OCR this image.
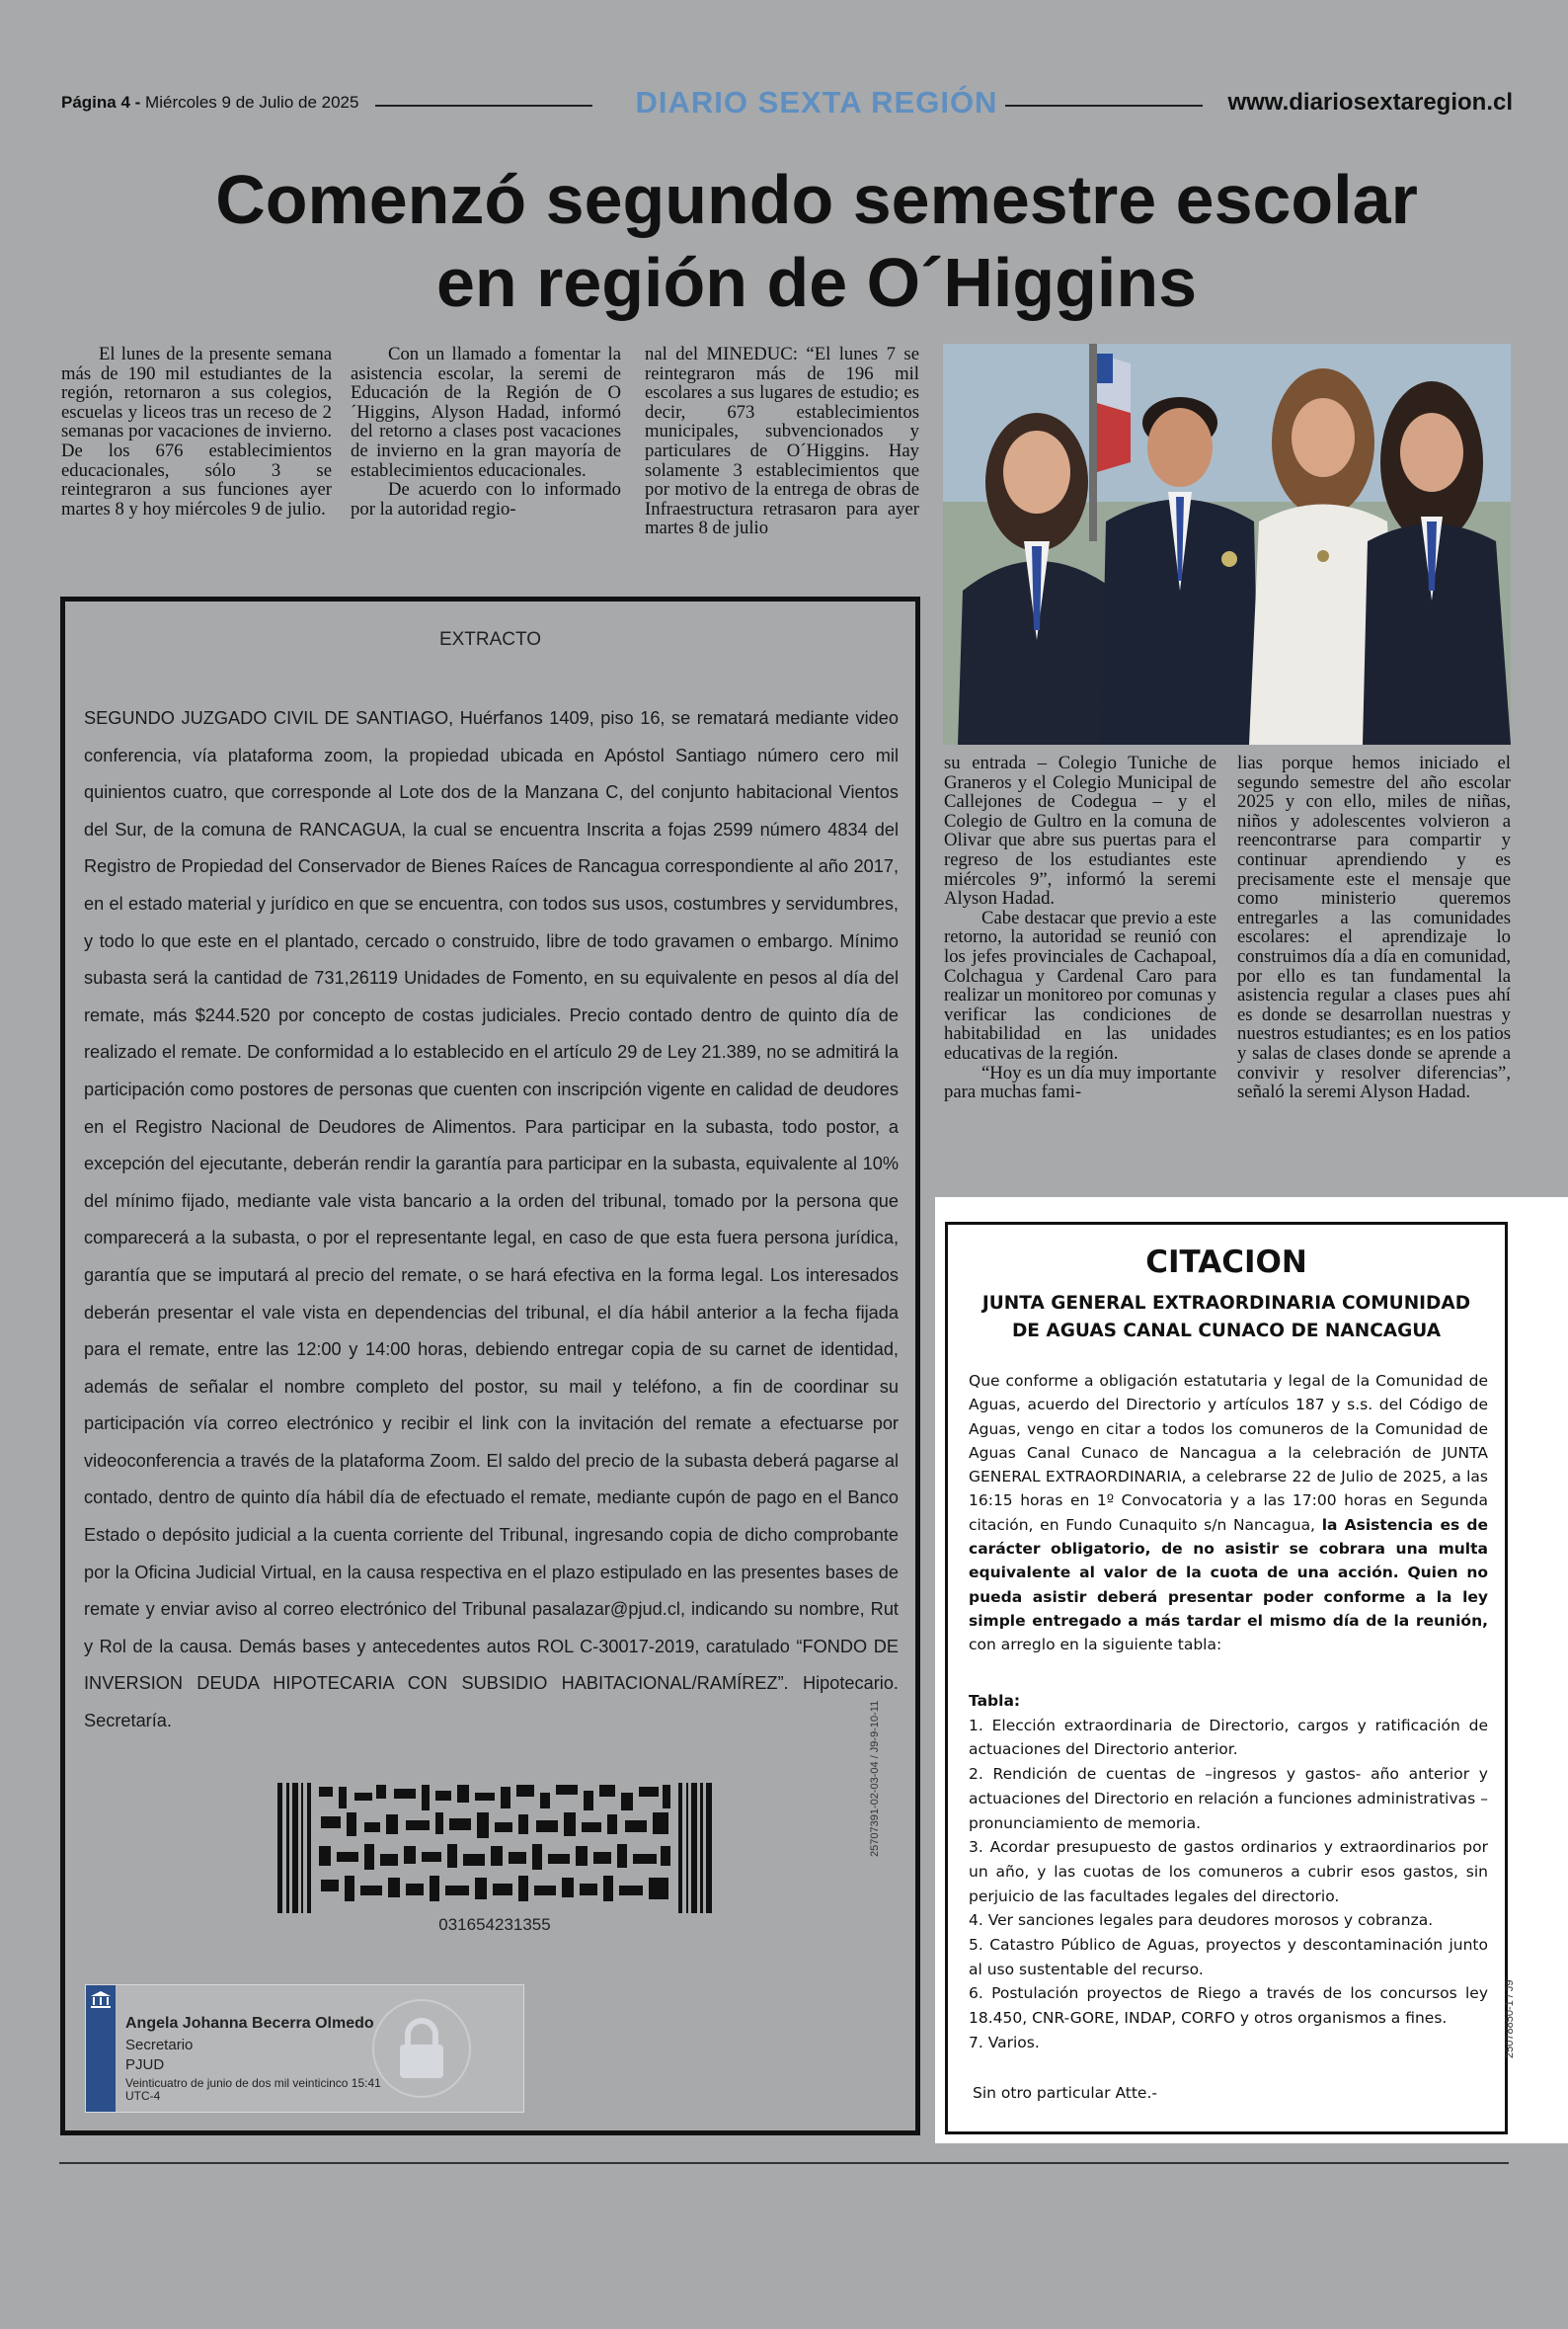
Página 4 - Miércoles 9 de Julio de 2025	DIARIO SEXTA REGIÓN	www.diariosextaregion.cl
Comenzó segundo semestre escolar
en región de O´Higgins

El lunes de la presente semana más de 190 mil estudiantes de la región, retornaron a sus colegios, escuelas y liceos tras un receso de 2 semanas por vacaciones de invierno. De los 676 establecimientos educacionales, sólo 3 se reintegraron a sus funciones ayer martes 8 y hoy miércoles 9 de julio.

Con un llamado a fomentar la asistencia escolar, la seremi de Educación de la Región de O´Higgins, Alyson Hadad, informó del retorno a clases post vacaciones de invierno en la gran mayoría de establecimientos educacionales.

De acuerdo con lo informado por la autoridad regio-

nal del MINEDUC: “El lunes 7 se reintegraron más de 196 mil escolares a sus lugares de estudio; es decir, 673 establecimientos municipales, subvencionados y particulares de O´Higgins. Hay solamente 3 establecimientos que por motivo de la entrega de obras de Infraestructura retrasaron para ayer martes 8 de julio

su entrada – Colegio Tuniche de Graneros y el Colegio Municipal de Callejones de Codegua – y el Colegio de Gultro en la comuna de Olivar que abre sus puertas para el regreso de los estudiantes este miércoles 9”, informó la seremi Alyson Hadad.

Cabe destacar que previo a este retorno, la autoridad se reunió con los jefes provinciales de Cachapoal, Colchagua y Cardenal Caro para realizar un monitoreo por comunas y verificar las condiciones de habitabilidad en las unidades educativas de la región.

“Hoy es un día muy importante para muchas fami-

lias porque hemos iniciado el segundo semestre del año escolar 2025 y con ello, miles de niñas, niños y adolescentes volvieron a reencontrarse para compartir y continuar aprendiendo y es precisamente este el mensaje que como ministerio queremos entregarles a las comunidades escolares: el aprendizaje lo construimos día a día en comunidad, por ello es tan fundamental la asistencia regular a clases pues ahí es donde se desarrollan nuestras y nuestros estudiantes; es en los patios y salas de clases donde se aprende a convivir y resolver diferencias”, señaló la seremi Alyson Hadad.

EXTRACTO
SEGUNDO JUZGADO CIVIL DE SANTIAGO, Huérfanos 1409, piso 16, se rematará mediante video conferencia, vía plataforma zoom, la propiedad ubicada en Apóstol Santiago número cero mil quinientos cuatro, que corresponde al Lote dos de la Manzana C, del conjunto habitacional Vientos del Sur, de la comuna de RANCAGUA, la cual se encuentra Inscrita a fojas 2599 número 4834 del Registro de Propiedad del Conservador de Bienes Raíces de Rancagua correspondiente al año 2017, en el estado material y jurídico en que se encuentra, con todos sus usos, costumbres y servidumbres, y todo lo que este en el plantado, cercado o construido, libre de todo gravamen o embargo. Mínimo subasta será la cantidad de 731,26119 Unidades de Fomento, en su equivalente en pesos al día del remate, más $244.520 por concepto de costas judiciales. Precio contado dentro de quinto día de realizado el remate. De conformidad a lo establecido en el artículo 29 de Ley 21.389, no se admitirá la participación como postores de personas que cuenten con inscripción vigente en calidad de deudores en el Registro Nacional de Deudores de Alimentos. Para participar en la subasta, todo postor, a excepción del ejecutante, deberán rendir la garantía para participar en la subasta, equivalente al 10% del mínimo fijado, mediante vale vista bancario a la orden del tribunal, tomado por la persona que comparecerá a la subasta, o por el representante legal, en caso de que esta fuera persona jurídica, garantía que se imputará al precio del remate, o se hará efectiva en la forma legal. Los interesados deberán presentar el vale vista en dependencias del tribunal, el día hábil anterior a la fecha fijada para el remate, entre las 12:00 y 14:00 horas, debiendo entregar copia de su carnet de identidad, además de señalar el nombre completo del postor, su mail y teléfono, a fin de coordinar su participación vía correo electrónico y recibir el link con la invitación del remate a efectuarse por videoconferencia a través de la plataforma Zoom. El saldo del precio de la subasta deberá pagarse al contado, dentro de quinto día hábil día de efectuado el remate, mediante cupón de pago en el Banco Estado o depósito judicial a la cuenta corriente del Tribunal, ingresando copia de dicho comprobante por la Oficina Judicial Virtual, en la causa respectiva en el plazo estipulado en las presentes bases de remate y enviar aviso al correo electrónico del Tribunal pasalazar@pjud.cl, indicando su nombre, Rut y Rol de la causa. Demás bases y antecedentes autos ROL C-30017-2019, caratulado “FONDO DE INVERSION DEUDA HIPOTECARIA CON SUBSIDIO HABITACIONAL/RAMÍREZ”. Hipotecario. Secretaría.
031654231355
Angela Johanna Becerra Olmedo
Secretario
PJUD
Veinticuatro de junio de dos mil veinticinco 15:41 UTC-4
25707391-02-03-04 / J9-9-10-11
CITACION
JUNTA GENERAL EXTRAORDINARIA COMUNIDAD
DE AGUAS CANAL CUNACO DE NANCAGUA
Que conforme a obligación estatutaria y legal de la Comunidad de Aguas, acuerdo del Directorio y artículos 187 y s.s. del Código de Aguas, vengo en citar a todos los comuneros de la Comunidad de Aguas Canal Cunaco de Nancagua a la celebración de JUNTA GENERAL EXTRAORDINARIA, a celebrarse 22 de Julio de 2025, a las 16:15 horas en 1º Convocatoria y a las 17:00 horas en Segunda citación, en Fundo Cunaquito s/n Nancagua, la Asistencia es de carácter obligatorio, de no asistir se cobrara una multa equivalente al valor de la cuota de una acción. Quien no pueda asistir deberá presentar poder conforme a la ley simple entregado a más tardar el mismo día de la reunión, con arreglo en la siguiente tabla:
Tabla:
1. Elección extraordinaria de Directorio, cargos y ratificación de actuaciones del Directorio anterior.
2. Rendición de cuentas de –ingresos y gastos- año anterior y actuaciones del Directorio en relación a funciones administrativas –pronunciamiento de memoria.
3. Acordar presupuesto de gastos ordinarios y extraordinarios por un año, y las cuotas de los comuneros a cubrir esos gastos, sin perjuicio de las facultades legales del directorio.
4. Ver sanciones legales para deudores morosos y cobranza.
5. Catastro Público de Aguas, proyectos y descontaminación junto al uso sustentable del recurso.
6. Postulación proyectos de Riego a través de los concursos ley 18.450, CNR-GORE, INDAP, CORFO y otros organismos a fines.
7. Varios.
Sin otro particular Atte.-
25078850-1 / J9
